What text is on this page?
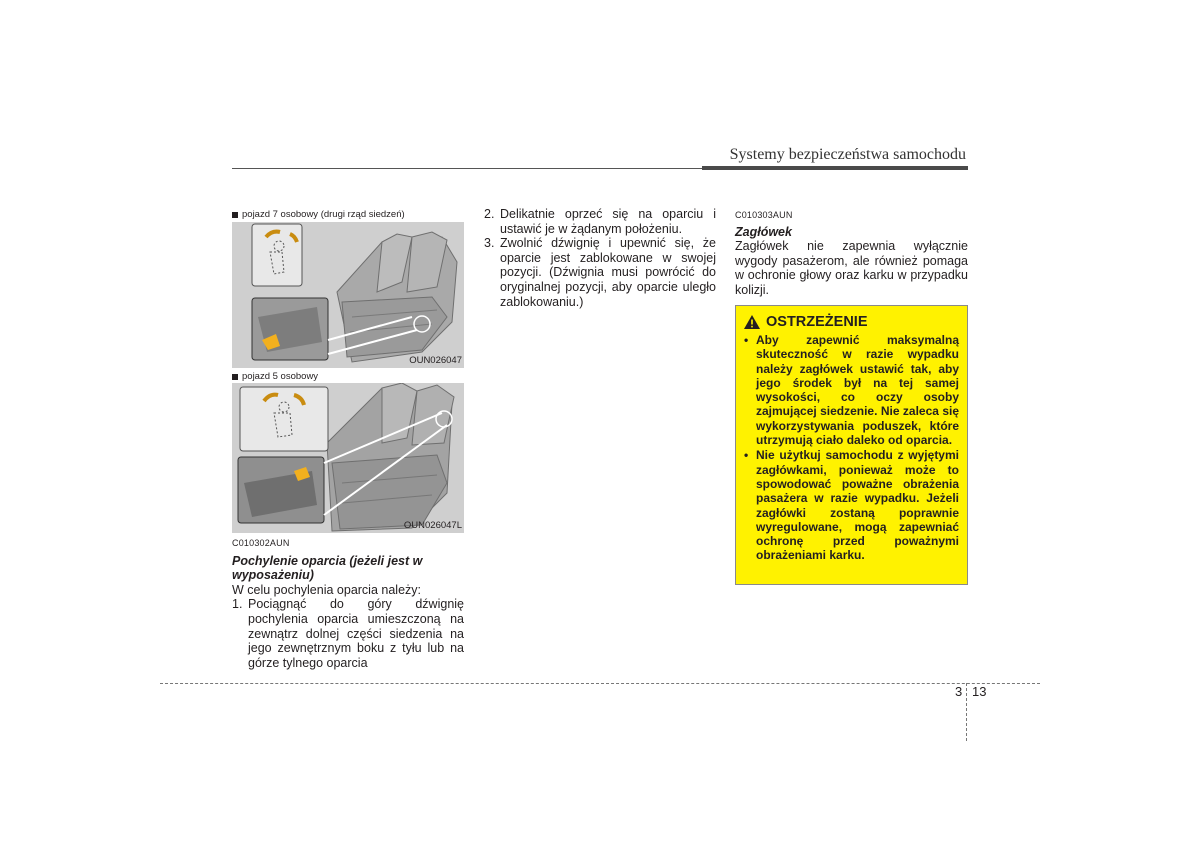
Systemy bezpieczeństwa samochodu
pojazd 7 osobowy (drugi rząd siedzeń)
OUN026047
pojazd 5 osobowy
OUN026047L
C010302AUN
Pochylenie oparcia (jeżeli jest w wyposażeniu)
W celu pochylenia oparcia należy:
1. Pociągnąć do góry dźwignię pochylenia oparcia umieszczoną na zewnątrz dolnej części siedzenia na jego zewnętrznym boku z tyłu lub na górze tylnego oparcia
2. Delikatnie oprzeć się na oparciu i ustawić je w żądanym położeniu.
3. Zwolnić dźwignię i upewnić się, że oparcie jest zablokowane w swojej pozycji. (Dźwignia musi powrócić do oryginalnej pozycji, aby oparcie uległo zablokowaniu.)
C010303AUN
Zagłówek
Zagłówek nie zapewnia wyłącznie wygody pasażerom, ale również pomaga w ochronie głowy oraz karku w przypadku kolizji.
OSTRZEŻENIE
• Aby zapewnić maksymalną skuteczność w razie wypadku należy zagłówek ustawić tak, aby jego środek był na tej samej wysokości, co oczy osoby zajmującej siedzenie. Nie zaleca się wykorzystywania poduszek, które utrzymują ciało daleko od oparcia.
• Nie użytkuj samochodu z wyjętymi zagłówkami, ponieważ może to spowodować poważne obrażenia pasażera w razie wypadku. Jeżeli zagłówki zostaną poprawnie wyregulowane, mogą zapewniać ochronę przed poważnymi obrażeniami karku.
3 13
